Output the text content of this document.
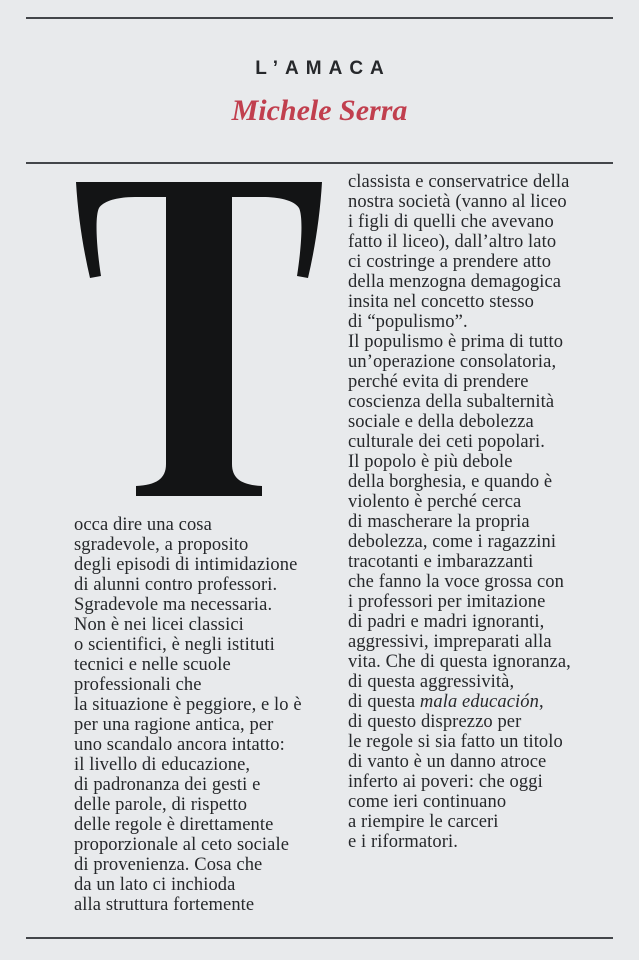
L’AMACA
Michele Serra
occa dire una cosa
sgradevole, a proposito
degli episodi di intimidazione
di alunni contro professori.
Sgradevole ma necessaria.
Non è nei licei classici
o scientifici, è negli istituti
tecnici e nelle scuole
professionali che
la situazione è peggiore, e lo è
per una ragione antica, per
uno scandalo ancora intatto:
il livello di educazione,
di padronanza dei gesti e
delle parole, di rispetto
delle regole è direttamente
proporzionale al ceto sociale
di provenienza. Cosa che
da un lato ci inchioda
alla struttura fortemente
classista e conservatrice della
nostra società (vanno al liceo
i figli di quelli che avevano
fatto il liceo), dall’altro lato
ci costringe a prendere atto
della menzogna demagogica
insita nel concetto stesso
di “populismo”.
Il populismo è prima di tutto
un’operazione consolatoria,
perché evita di prendere
coscienza della subalternità
sociale e della debolezza
culturale dei ceti popolari.
Il popolo è più debole
della borghesia, e quando è
violento è perché cerca
di mascherare la propria
debolezza, come i ragazzini
tracotanti e imbarazzanti
che fanno la voce grossa con
i professori per imitazione
di padri e madri ignoranti,
aggressivi, impreparati alla
vita. Che di questa ignoranza,
di questa aggressività,
di questa mala educación,
di questo disprezzo per
le regole si sia fatto un titolo
di vanto è un danno atroce
inferto ai poveri: che oggi
come ieri continuano
a riempire le carceri
e i riformatori.
